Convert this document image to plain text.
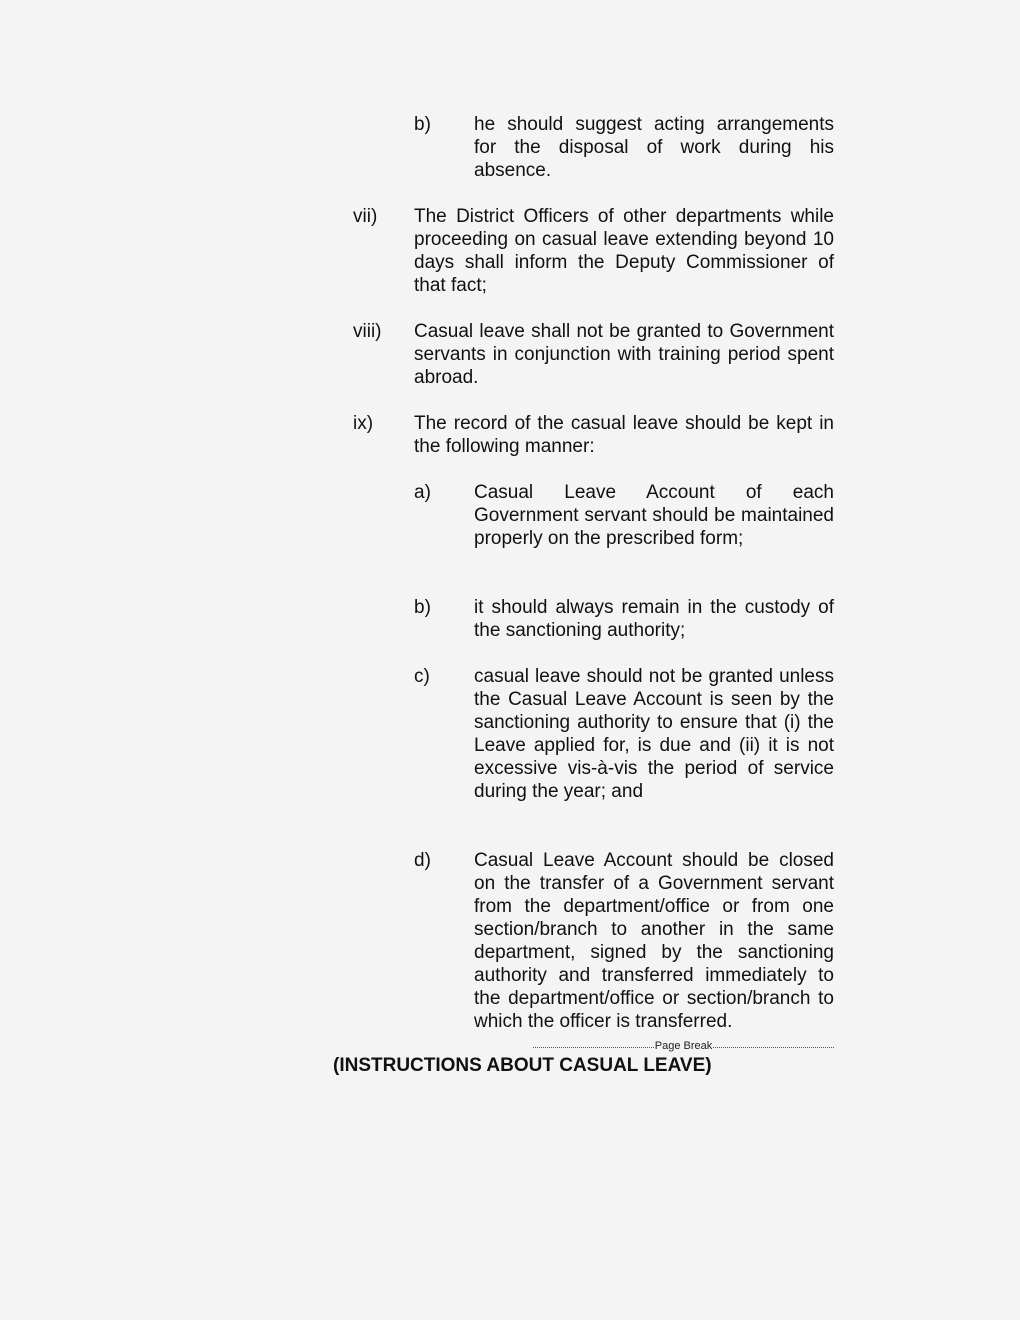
b) he should suggest acting arrangements for the disposal of work during his absence.
vii) The District Officers of other departments while proceeding on casual leave extending beyond 10 days shall inform the Deputy Commissioner of that fact;
viii) Casual leave shall not be granted to Government servants in conjunction with training period spent abroad.
ix) The record of the casual leave should be kept in the following manner:
a) Casual Leave Account of each Government servant should be maintained properly on the prescribed form;
b) it should always remain in the custody of the sanctioning authority;
c) casual leave should not be granted unless the Casual Leave Account is seen by the sanctioning authority to ensure that (i) the Leave applied for, is due and (ii) it is not excessive vis-à-vis the period of service during the year; and
d) Casual Leave Account should be closed on the transfer of a Government servant from the department/office or from one section/branch to another in the same department, signed by the sanctioning authority and transferred immediately to the department/office or section/branch to which the officer is transferred.
Page Break
(INSTRUCTIONS ABOUT CASUAL LEAVE)
